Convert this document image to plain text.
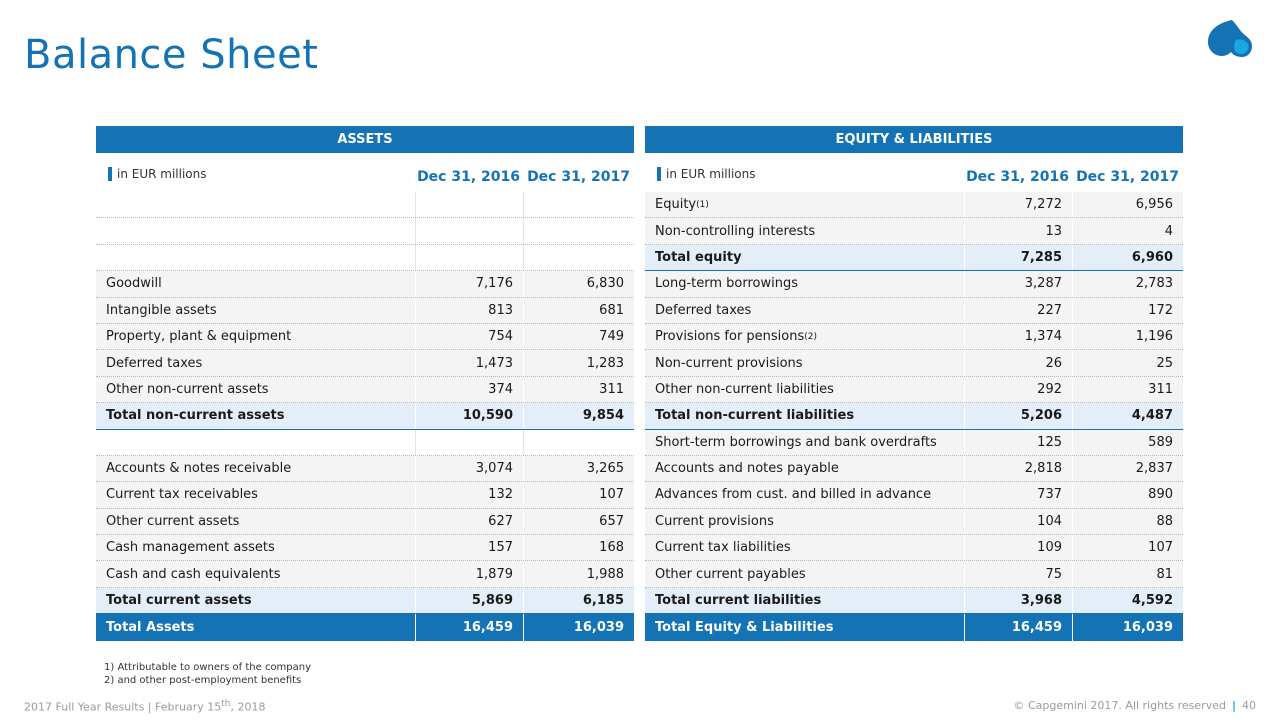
Balance Sheet
ASSETS
in EUR millions	Dec 31, 2016 Dec 31, 2017
Goodwill	7,176	6,830
Intangible assets	813	681
Property, plant & equipment	754	749
Deferred taxes	1,473	1,283
Other non-current assets	374	311
Total non-current assets	10,590	9,854
Accounts & notes receivable	3,074	3,265
Current tax receivables	132	107
Other current assets	627	657
Cash management assets	157	168
Cash and cash equivalents	1,879	1,988
Total current assets	5,869	6,185
Total Assets	16,459	16,039
EQUITY & LIABILITIES
in EUR millions	Dec 31, 2016 Dec 31, 2017
Equity (1)	7,272	6,956
Non-controlling interests	13	4
Total equity	7,285	6,960
Long-term borrowings	3,287	2,783
Deferred taxes	227	172
Provisions for pensions (2)	1,374	1,196
Non-current provisions	26	25
Other non-current liabilities	292	311
Total non-current liabilities	5,206	4,487
Short-term borrowings and bank overdrafts	125	589
Accounts and notes payable	2,818	2,837
Advances from cust. and billed in advance	737	890
Current provisions	104	88
Current tax liabilities	109	107
Other current payables	75	81
Total current liabilities	3,968	4,592
Total Equity & Liabilities	16,459	16,039
1) Attributable to owners of the company
2) and other post-employment benefits
2017 Full Year Results | February 15th, 2018	© Capgemini 2017. All rights reserved | 40
